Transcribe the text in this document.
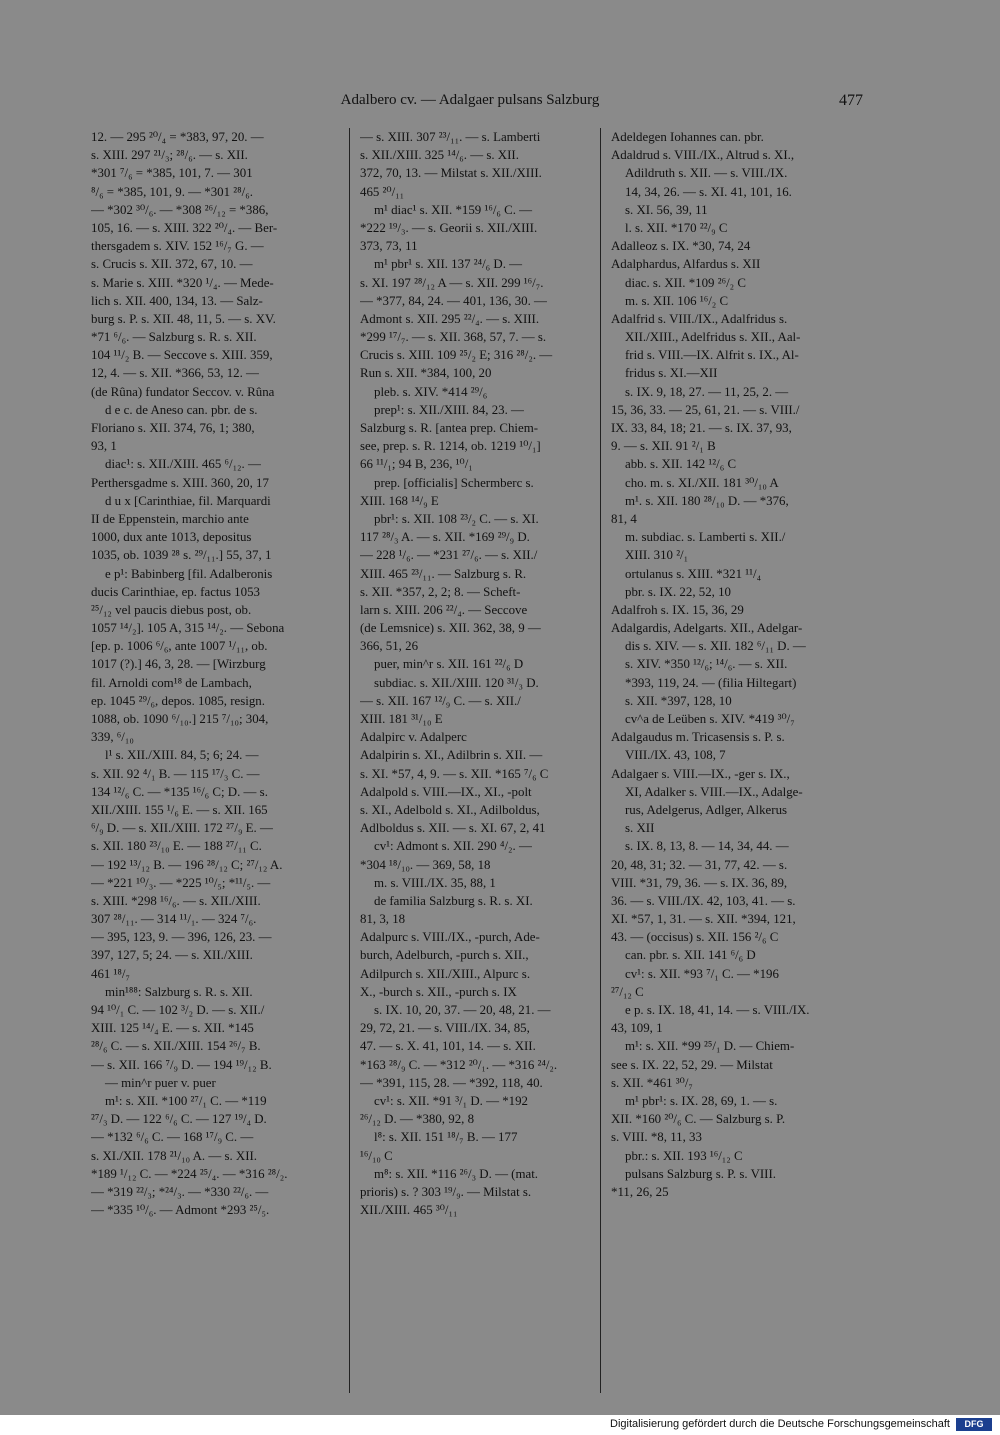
Adalbero cv. — Adalgaer pulsans Salzburg	477
12. — 295 ²⁰/₄ = *383, 97, 20. —
s. XIII. 297 ²¹/₃; ²⁸/₆. — s. XII.
*301 ⁷/₆ = *385, 101, 7. — 301
⁸/₆ = *385, 101, 9. — *301 ²⁸/₆.
— *302 ³⁰/₆. — *308 ²⁶/₁₂ = *386,
105, 16. — s. XIII. 322 ²⁰/₄. — Ber-
thersgadem s. XIV. 152 ¹⁶/₇ G. —
s. Crucis s. XII. 372, 67, 10. —
s. Marie s. XIII. *320 ¹/₄. — Mede-
lich s. XII. 400, 134, 13. — Salz-
burg s. P. s. XII. 48, 11, 5. — s. XV.
*71 ⁶/₆. — Salzburg s. R. s. XII.
104 ¹¹/₂ B. — Seccove s. XIII. 359,
12, 4. — s. XII. *366, 53, 12. —
(de Rûna) fundator Seccov. v. Rûna
d e c. de Aneso can. pbr. de s.
Floriano s. XII. 374, 76, 1; 380,
93, 1
diac¹: s. XII./XIII. 465 ⁶/₁₂. —
Perthersgadme s. XIII. 360, 20, 17
d u x [Carinthiae, fil. Marquardi
II de Eppenstein, marchio ante
1000, dux ante 1013, depositus
1035, ob. 1039 ²⁸ s. ²⁹/₁₁.] 55, 37, 1
e p¹: Babinberg [fil. Adalberonis
ducis Carinthiae, ep. factus 1053
²⁵/₁₂ vel paucis diebus post, ob.
1057 ¹⁴/₂]. 105 A, 315 ¹⁴/₂. — Sebona
[ep. p. 1006 ⁶/₆, ante 1007 ¹/₁₁, ob.
1017 (?).] 46, 3, 28. — [Wirzburg
fil. Arnoldi com¹⁸ de Lambach,
ep. 1045 ²⁹/₆, depos. 1085, resign.
1088, ob. 1090 ⁶/₁₀.] 215 ⁷/₁₀; 304,
339, ⁶/₁₀
l¹ s. XII./XIII. 84, 5; 6; 24. —
s. XII. 92 ⁴/₁ B. — 115 ¹⁷/₃ C. —
134 ¹²/₆ C. — *135 ¹⁶/₆ C; D. — s.
XII./XIII. 155 ¹/₆ E. — s. XII. 165
⁶/₉ D. — s. XII./XIII. 172 ²⁷/₉ E. —
s. XII. 180 ²³/₁₀ E. — 188 ²⁷/₁₁ C.
— 192 ¹³/₁₂ B. — 196 ²⁸/₁₂ C; ²⁷/₁₂ A.
— *221 ¹⁰/₃. — *225 ¹⁰/₅; *¹¹/₅. —
s. XIII. *298 ¹⁶/₆. — s. XII./XIII.
307 ²⁸/₁₁. — 314 ¹¹/₁. — 324 ⁷/₆.
— 395, 123, 9. — 396, 126, 23. —
397, 127, 5; 24. — s. XII./XIII.
461 ¹⁸/₇
min¹⁸⁸: Salzburg s. R. s. XII.
94 ¹⁰/₁ C. — 102 ³/₂ D. — s. XII./
XIII. 125 ¹⁴/₄ E. — s. XII. *145
²⁸/₆ C. — s. XII./XIII. 154 ²⁶/₇ B.
— s. XII. 166 ⁷/₉ D. — 194 ¹⁹/₁₂ B.
— min^r puer v. puer
m¹: s. XII. *100 ²⁷/₁ C. — *119
²⁷/₃ D. — 122 ⁶/₆ C. — 127 ¹⁹/₄ D.
— *132 ⁶/₆ C. — 168 ¹⁷/₉ C. —
s. XI./XII. 178 ²¹/₁₀ A. — s. XII.
*189 ¹/₁₂ C. — *224 ²⁵/₄. — *316 ²⁸/₂.
— *319 ²²/₃; *²⁴/₃. — *330 ²²/₆. —
— *335 ¹⁰/₆. — Admont *293 ²⁵/₅.
— s. XIII. 307 ²³/₁₁. — s. Lamberti
s. XII./XIII. 325 ¹⁴/₆. — s. XII.
372, 70, 13. — Milstat s. XII./XIII.
465 ²⁰/₁₁
m¹ diac¹ s. XII. *159 ¹⁶/₆ C. —
*222 ¹⁹/₃. — s. Georii s. XII./XIII.
373, 73, 11
m¹ pbr¹ s. XII. 137 ²⁴/₆ D. —
s. XI. 197 ²⁸/₁₂ A — s. XII. 299 ¹⁶/₇.
— *377, 84, 24. — 401, 136, 30. —
Admont s. XII. 295 ²²/₄. — s. XIII.
*299 ¹⁷/₇. — s. XII. 368, 57, 7. — s.
Crucis s. XIII. 109 ²⁵/₂ E; 316 ²⁸/₂. —
Run s. XII. *384, 100, 20
pleb. s. XIV. *414 ²⁹/₆
prep¹: s. XII./XIII. 84, 23. —
Salzburg s. R. [antea prep. Chiem-
see, prep. s. R. 1214, ob. 1219 ¹⁰/₁]
66 ¹¹/₁; 94 B, 236, ¹⁰/₁
prep. [officialis] Schermberc s.
XIII. 168 ¹⁴/₉ E
pbr¹: s. XII. 108 ²³/₂ C. — s. XI.
117 ²⁸/₃ A. — s. XII. *169 ²⁹/₉ D.
— 228 ¹/₆. — *231 ²⁷/₆. — s. XII./
XIII. 465 ²³/₁₁. — Salzburg s. R.
s. XII. *357, 2, 2; 8. — Scheft-
larn s. XIII. 206 ²²/₄. — Seccove
(de Lemsnice) s. XII. 362, 38, 9 —
366, 51, 26
puer, min^r s. XII. 161 ²²/₆ D
subdiac. s. XII./XIII. 120 ³¹/₃ D.
— s. XII. 167 ¹²/₉ C. — s. XII./
XIII. 181 ³¹/₁₀ E
Adalpirc v. Adalperc
Adalpirin s. XI., Adilbrin s. XII. —
s. XI. *57, 4, 9. — s. XII. *165 ⁷/₆ C
Adalpold s. VIII.—IX., XI., -polt
s. XI., Adelbold s. XI., Adilboldus,
Adlboldus s. XII. — s. XI. 67, 2, 41
cv¹: Admont s. XII. 290 ⁴/₂. —
*304 ¹⁸/₁₀. — 369, 58, 18
m. s. VIII./IX. 35, 88, 1
de familia Salzburg s. R. s. XI.
81, 3, 18
Adalpurc s. VIII./IX., -purch, Ade-
burch, Adelburch, -purch s. XII.,
Adilpurch s. XII./XIII., Alpurc s.
X., -burch s. XII., -purch s. IX
s. IX. 10, 20, 37. — 20, 48, 21. —
29, 72, 21. — s. VIII./IX. 34, 85,
47. — s. X. 41, 101, 14. — s. XII.
*163 ²⁸/₉ C. — *312 ²⁰/₁. — *316 ²⁴/₂.
— *391, 115, 28. — *392, 118, 40.
cv¹: s. XII. *91 ³/₁ D. — *192
²⁶/₁₂ D. — *380, 92, 8
l⁸: s. XII. 151 ¹⁸/₇ B. — 177
¹⁶/₁₀ C
m⁸: s. XII. *116 ²⁶/₃ D. — (mat.
prioris) s. ? 303 ¹⁹/₉. — Milstat s.
XII./XIII. 465 ³⁰/₁₁
Adeldegen Iohannes can. pbr.
Adaldrud s. VIII./IX., Altrud s. XI.,
Adildruth s. XII. — s. VIII./IX.
14, 34, 26. — s. XI. 41, 101, 16.
s. XI. 56, 39, 11
l. s. XII. *170 ²²/₉ C
Adalleoz s. IX. *30, 74, 24
Adalphardus, Alfardus s. XII
diac. s. XII. *109 ²⁶/₂ C
m. s. XII. 106 ¹⁶/₂ C
Adalfrid s. VIII./IX., Adalfridus s.
XII./XIII., Adelfridus s. XII., Aal-
frid s. VIII.—IX. Alfrit s. IX., Al-
fridus s. XI.—XII
s. IX. 9, 18, 27. — 11, 25, 2. —
15, 36, 33. — 25, 61, 21. — s. VIII./
IX. 33, 84, 18; 21. — s. IX. 37, 93,
9. — s. XII. 91 ²/₁ B
abb. s. XII. 142 ¹²/₆ C
cho. m. s. XI./XII. 181 ³⁰/₁₀ A
m¹. s. XII. 180 ²⁸/₁₀ D. — *376,
81, 4
m. subdiac. s. Lamberti s. XII./
XIII. 310 ²/₁
ortulanus s. XIII. *321 ¹¹/₄
pbr. s. IX. 22, 52, 10
Adalfroh s. IX. 15, 36, 29
Adalgardis, Adelgarts. XII., Adelgar-
dis s. XIV. — s. XII. 182 ⁶/₁₁ D. —
s. XIV. *350 ¹²/₆; ¹⁴/₆. — s. XII.
*393, 119, 24. — (filia Hiltegart)
s. XII. *397, 128, 10
cv^a de Leüben s. XIV. *419 ³⁰/₇
Adalgaudus m. Tricasensis s. P. s.
VIII./IX. 43, 108, 7
Adalgaer s. VIII.—IX., -ger s. IX.,
XI, Adalker s. VIII.—IX., Adalge-
rus, Adelgerus, Adlger, Alkerus
s. XII
s. IX. 8, 13, 8. — 14, 34, 44. —
20, 48, 31; 32. — 31, 77, 42. — s.
VIII. *31, 79, 36. — s. IX. 36, 89,
36. — s. VIII./IX. 42, 103, 41. — s.
XI. *57, 1, 31. — s. XII. *394, 121,
43. — (occisus) s. XII. 156 ²/₆ C
can. pbr. s. XII. 141 ⁶/₆ D
cv¹: s. XII. *93 ⁷/₁ C. — *196
²⁷/₁₂ C
e p. s. IX. 18, 41, 14. — s. VIII./IX.
43, 109, 1
m¹: s. XII. *99 ²⁵/₁ D. — Chiem-
see s. IX. 22, 52, 29. — Milstat
s. XII. *461 ³⁰/₇
m¹ pbr¹: s. IX. 28, 69, 1. — s.
XII. *160 ²⁰/₆ C. — Salzburg s. P.
s. VIII. *8, 11, 33
pbr.: s. XII. 193 ¹⁶/₁₂ C
pulsans Salzburg s. P. s. VIII.
*11, 26, 25
Digitalisierung gefördert durch die Deutsche Forschungsgemeinschaft	DFG
